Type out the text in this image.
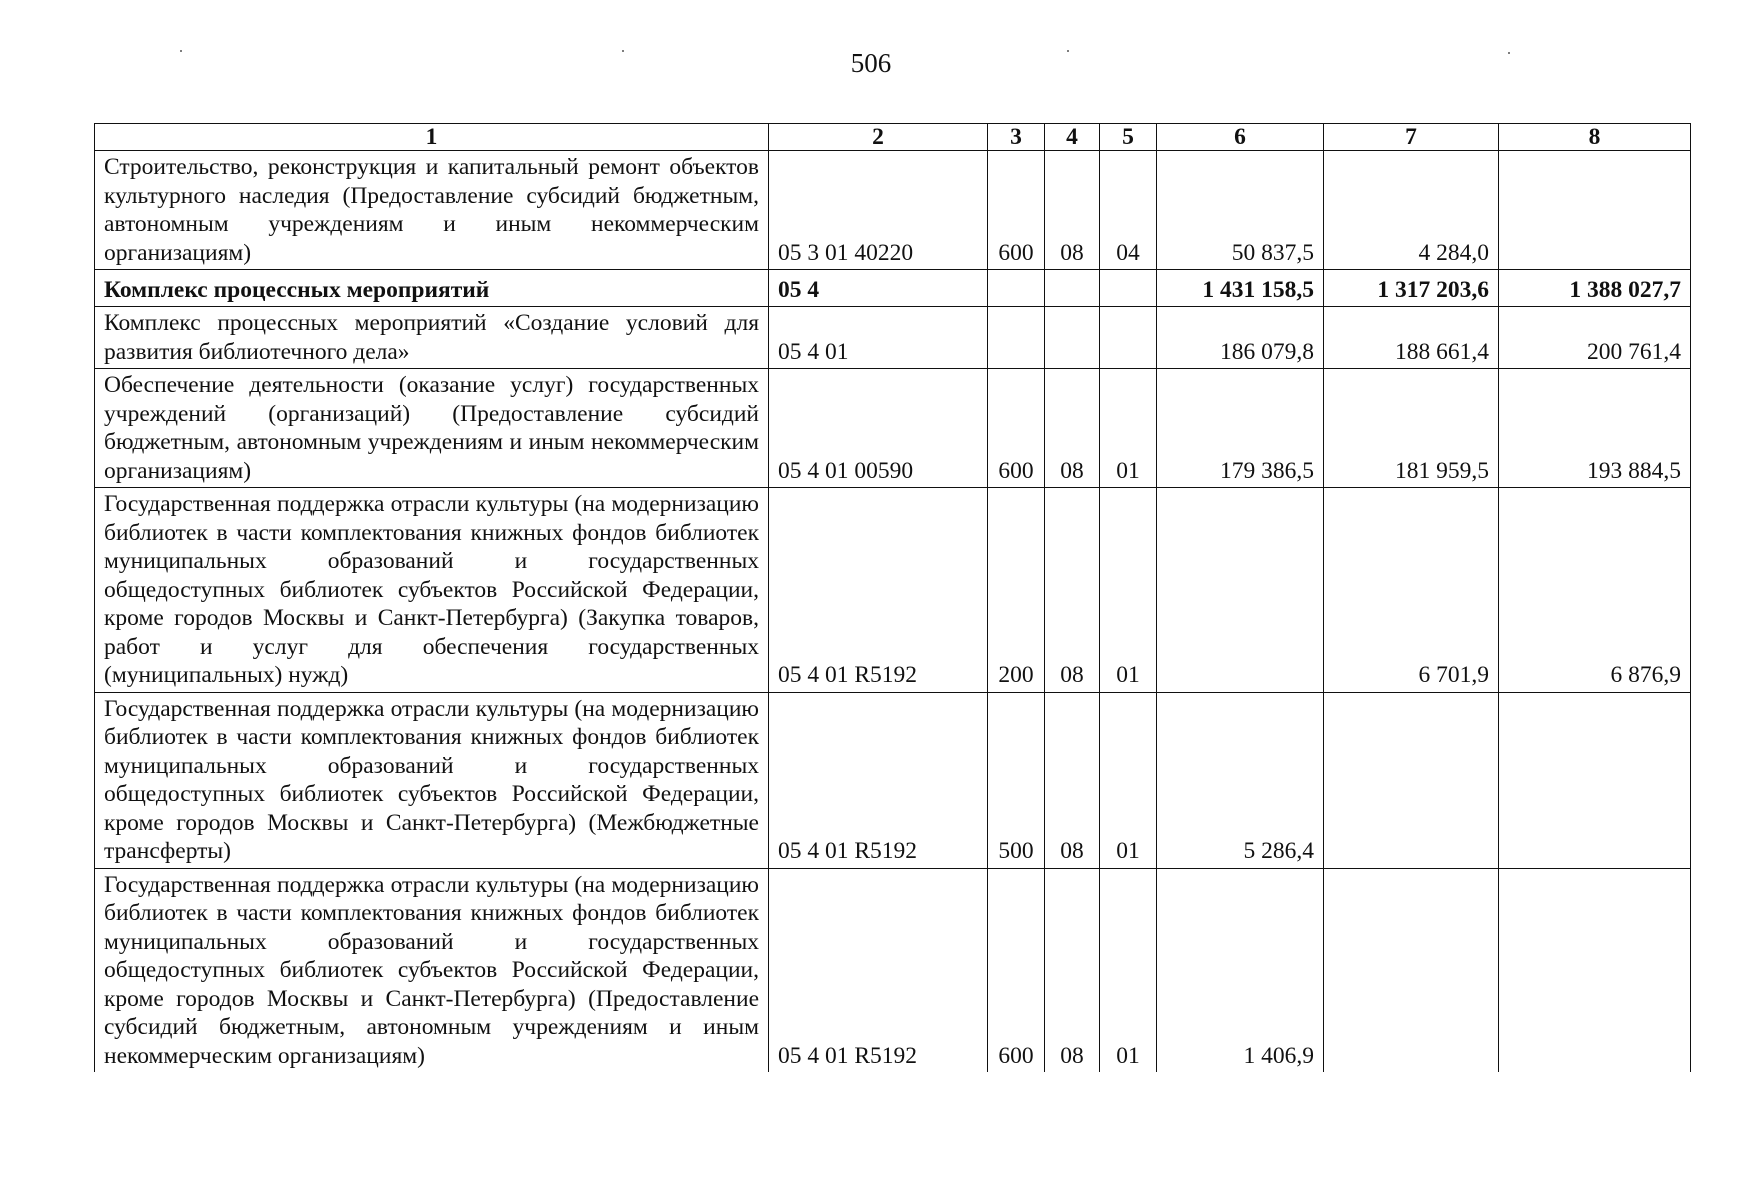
506
1	2	3	4	5	6	7	8
Строительство, реконструкция и капитальный ремонт объектов культурного наследия (Предоставление субсидий бюджетным, автономным учреждениям и иным некоммерческим организациям)	05 3 01 40220	600	08	04	50 837,5	4 284,0	
Комплекс процессных мероприятий	05 4				1 431 158,5	1 317 203,6	1 388 027,7
Комплекс процессных мероприятий «Создание условий для развития библиотечного дела»	05 4 01				186 079,8	188 661,4	200 761,4
Обеспечение деятельности (оказание услуг) государственных учреждений (организаций) (Предоставление субсидий бюджетным, автономным учреждениям и иным некоммерческим организациям)	05 4 01 00590	600	08	01	179 386,5	181 959,5	193 884,5
Государственная поддержка отрасли культуры (на модернизацию библиотек в части комплектования книжных фондов библиотек муниципальных образований и государственных общедоступных библиотек субъектов Российской Федерации, кроме городов Москвы и Санкт-Петербурга) (Закупка товаров, работ и услуг для обеспечения государственных (муниципальных) нужд)	05 4 01 R5192	200	08	01		6 701,9	6 876,9
Государственная поддержка отрасли культуры (на модернизацию библиотек в части комплектования книжных фондов библиотек муниципальных образований и государственных общедоступных библиотек субъектов Российской Федерации, кроме городов Москвы и Санкт-Петербурга) (Межбюджетные трансферты)	05 4 01 R5192	500	08	01	5 286,4		
Государственная поддержка отрасли культуры (на модернизацию библиотек в части комплектования книжных фондов библиотек муниципальных образований и государственных общедоступных библиотек субъектов Российской Федерации, кроме городов Москвы и Санкт-Петербурга) (Предоставление субсидий бюджетным, автономным учреждениям и иным некоммерческим организациям)	05 4 01 R5192	600	08	01	1 406,9		
